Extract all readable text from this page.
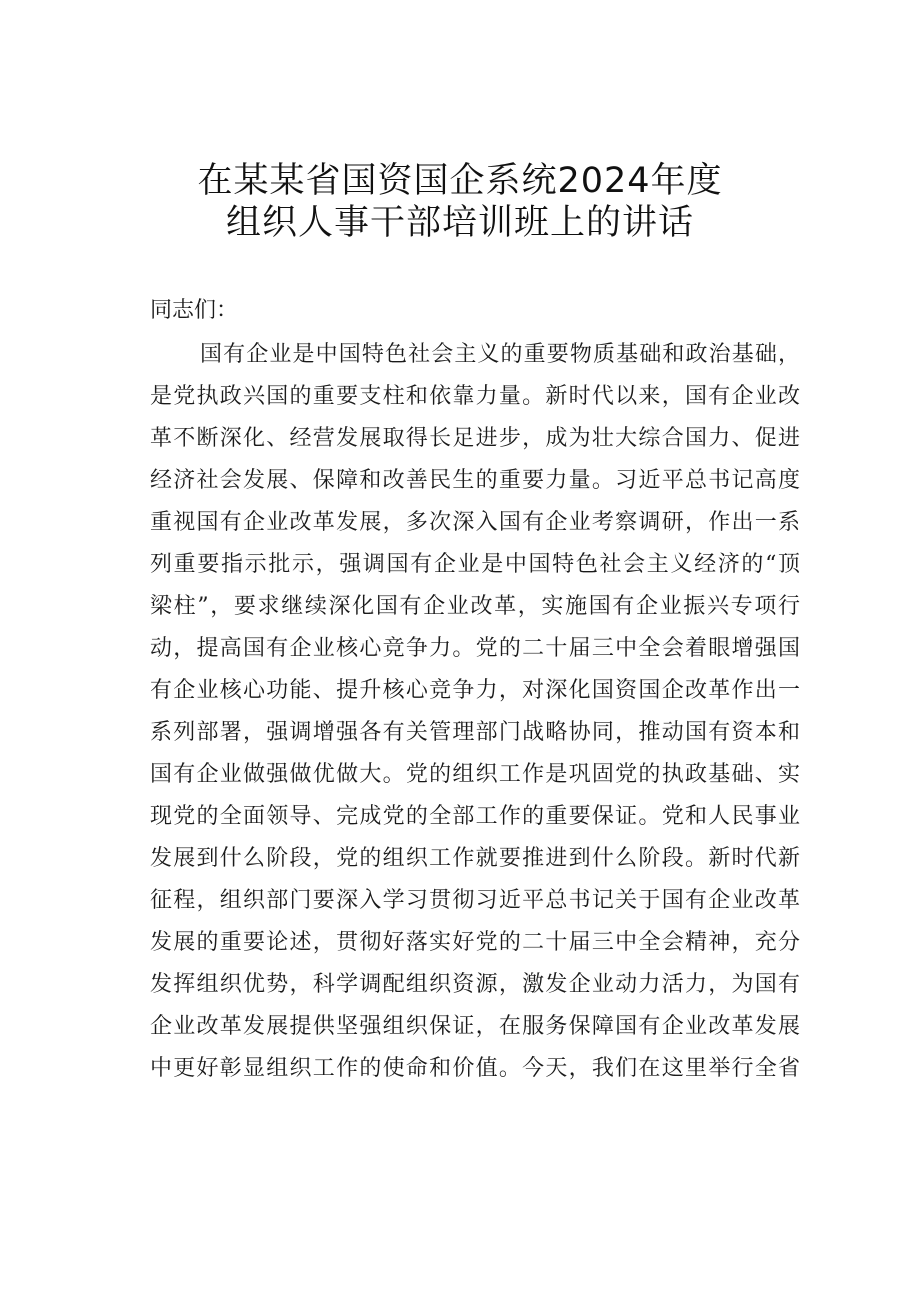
在某某省国资国企系统2024年度
组织人事干部培训班上的讲话
同志们：
国有企业是中国特色社会主义的重要物质基础和政治基础，
是党执政兴国的重要支柱和依靠力量。新时代以来，国有企业改
革不断深化、经营发展取得长足进步，成为壮大综合国力、促进
经济社会发展、保障和改善民生的重要力量。习近平总书记高度
重视国有企业改革发展，多次深入国有企业考察调研，作出一系
列重要指示批示，强调国有企业是中国特色社会主义经济的“顶
梁柱”，要求继续深化国有企业改革，实施国有企业振兴专项行
动，提高国有企业核心竞争力。党的二十届三中全会着眼增强国
有企业核心功能、提升核心竞争力，对深化国资国企改革作出一
系列部署，强调增强各有关管理部门战略协同，推动国有资本和
国有企业做强做优做大。党的组织工作是巩固党的执政基础、实
现党的全面领导、完成党的全部工作的重要保证。党和人民事业
发展到什么阶段，党的组织工作就要推进到什么阶段。新时代新
征程，组织部门要深入学习贯彻习近平总书记关于国有企业改革
发展的重要论述，贯彻好落实好党的二十届三中全会精神，充分
发挥组织优势，科学调配组织资源，激发企业动力活力，为国有
企业改革发展提供坚强组织保证，在服务保障国有企业改革发展
中更好彰显组织工作的使命和价值。今天，我们在这里举行全省
